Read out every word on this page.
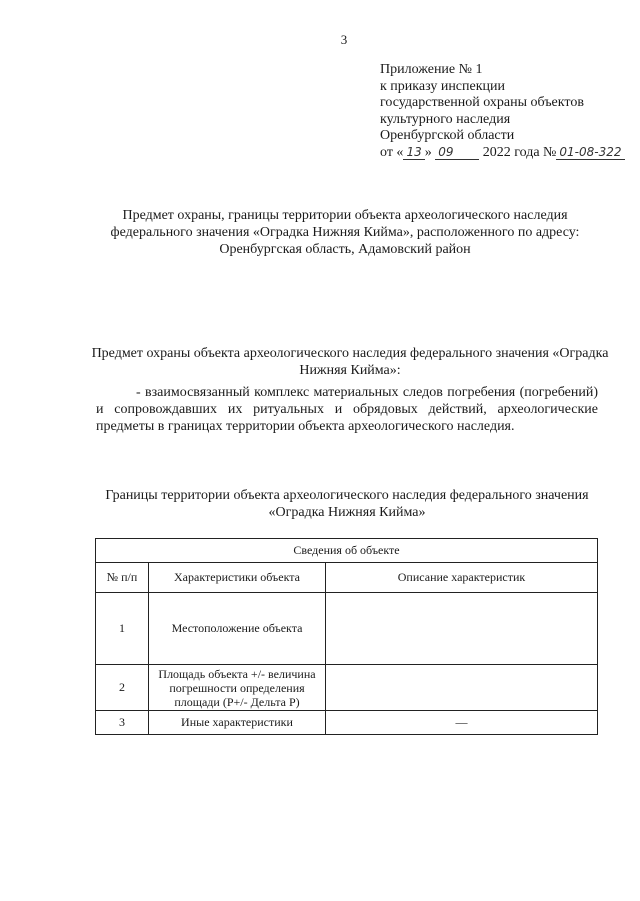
3
Приложение № 1
к приказу инспекции
государственной охраны объектов
культурного наследия
Оренбургской области
от « 13 » 09 2022 года № 01-08-322
Предмет охраны, границы территории объекта археологического наследия федерального значения «Оградка Нижняя Кийма», расположенного по адресу: Оренбургская область, Адамовский район
Предмет охраны объекта археологического наследия федерального значения «Оградка Нижняя Кийма»:
- взаимосвязанный комплекс материальных следов погребения (погребений) и сопровождавших их ритуальных и обрядовых действий, археологические предметы в границах территории объекта археологического наследия.
Границы территории объекта археологического наследия федерального значения «Оградка Нижняя Кийма»
Сведения об объекте		
№ п/п	Характеристики объекта	Описание характеристик
1	Местоположение объекта	
2	Площадь объекта +/- величина погрешности определения площади (Р+/- Дельта Р)	
3	Иные характеристики	—
